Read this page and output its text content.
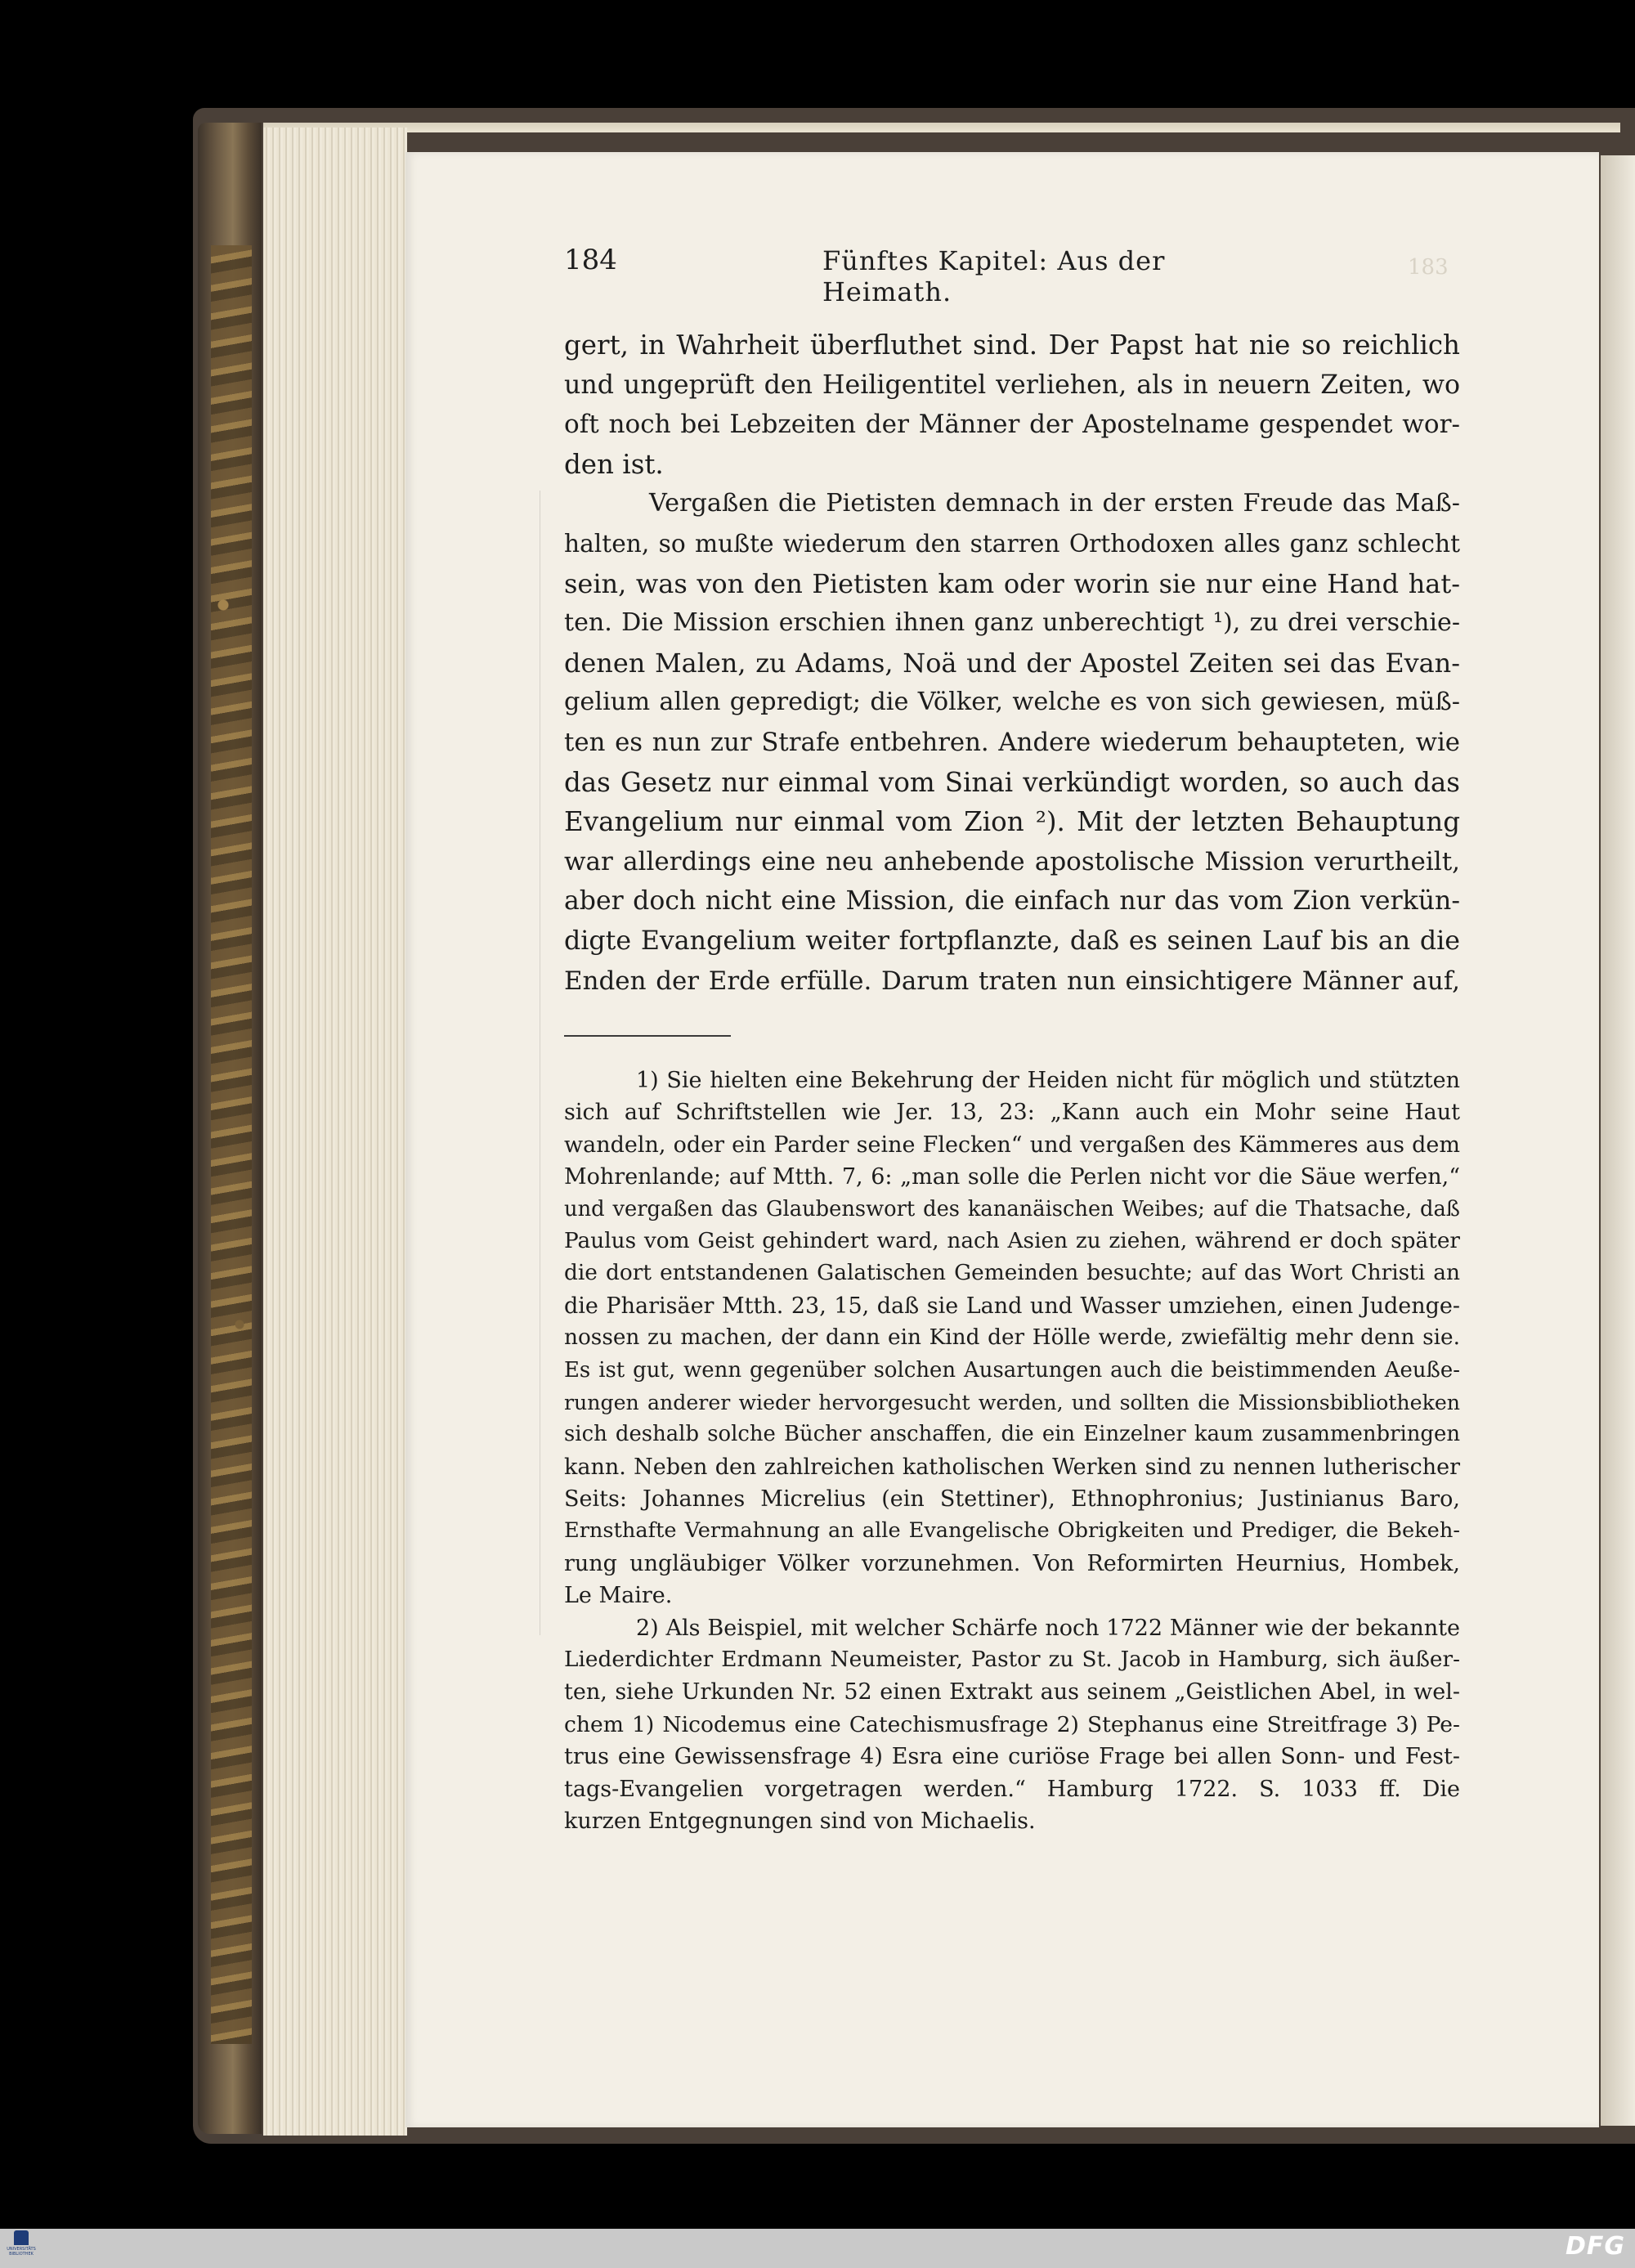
183
184	Fünftes Kapitel: Aus der Heimath.
gert, in Wahrheit überfluthet sind. Der Papst hat nie so reichlich
und ungeprüft den Heiligentitel verliehen, als in neuern Zeiten, wo
oft noch bei Lebzeiten der Männer der Apostelname gespendet wor-
den ist.
Vergaßen die Pietisten demnach in der ersten Freude das Maß-
halten, so mußte wiederum den starren Orthodoxen alles ganz schlecht
sein, was von den Pietisten kam oder worin sie nur eine Hand hat-
ten. Die Mission erschien ihnen ganz unberechtigt ¹), zu drei verschie-
denen Malen, zu Adams, Noä und der Apostel Zeiten sei das Evan-
gelium allen gepredigt; die Völker, welche es von sich gewiesen, müß-
ten es nun zur Strafe entbehren. Andere wiederum behaupteten, wie
das Gesetz nur einmal vom Sinai verkündigt worden, so auch das
Evangelium nur einmal vom Zion ²). Mit der letzten Behauptung
war allerdings eine neu anhebende apostolische Mission verurtheilt,
aber doch nicht eine Mission, die einfach nur das vom Zion verkün-
digte Evangelium weiter fortpflanzte, daß es seinen Lauf bis an die
Enden der Erde erfülle. Darum traten nun einsichtigere Männer auf,
1) Sie hielten eine Bekehrung der Heiden nicht für möglich und stützten
sich auf Schriftstellen wie Jer. 13, 23: „Kann auch ein Mohr seine Haut
wandeln, oder ein Parder seine Flecken“ und vergaßen des Kämmeres aus dem
Mohrenlande; auf Mtth. 7, 6: „man solle die Perlen nicht vor die Säue werfen,“
und vergaßen das Glaubenswort des kananäischen Weibes; auf die Thatsache, daß
Paulus vom Geist gehindert ward, nach Asien zu ziehen, während er doch später
die dort entstandenen Galatischen Gemeinden besuchte; auf das Wort Christi an
die Pharisäer Mtth. 23, 15, daß sie Land und Wasser umziehen, einen Judenge-
nossen zu machen, der dann ein Kind der Hölle werde, zwiefältig mehr denn sie.
Es ist gut, wenn gegenüber solchen Ausartungen auch die beistimmenden Aeuße-
rungen anderer wieder hervorgesucht werden, und sollten die Missionsbibliotheken
sich deshalb solche Bücher anschaffen, die ein Einzelner kaum zusammenbringen
kann. Neben den zahlreichen katholischen Werken sind zu nennen lutherischer
Seits: Johannes Micrelius (ein Stettiner), Ethnophronius; Justinianus Baro,
Ernsthafte Vermahnung an alle Evangelische Obrigkeiten und Prediger, die Bekeh-
rung ungläubiger Völker vorzunehmen. Von Reformirten Heurnius, Hombek,
Le Maire.
2) Als Beispiel, mit welcher Schärfe noch 1722 Männer wie der bekannte
Liederdichter Erdmann Neumeister, Pastor zu St. Jacob in Hamburg, sich äußer-
ten, siehe Urkunden Nr. 52 einen Extrakt aus seinem „Geistlichen Abel, in wel-
chem 1) Nicodemus eine Catechismusfrage 2) Stephanus eine Streitfrage 3) Pe-
trus eine Gewissensfrage 4) Esra eine curiöse Frage bei allen Sonn- und Fest-
tags-Evangelien vorgetragen werden.“ Hamburg 1722. S. 1033 ff. Die
kurzen Entgegnungen sind von Michaelis.
UNIVERSITÄTS BIBLIOTHEK	DFG
